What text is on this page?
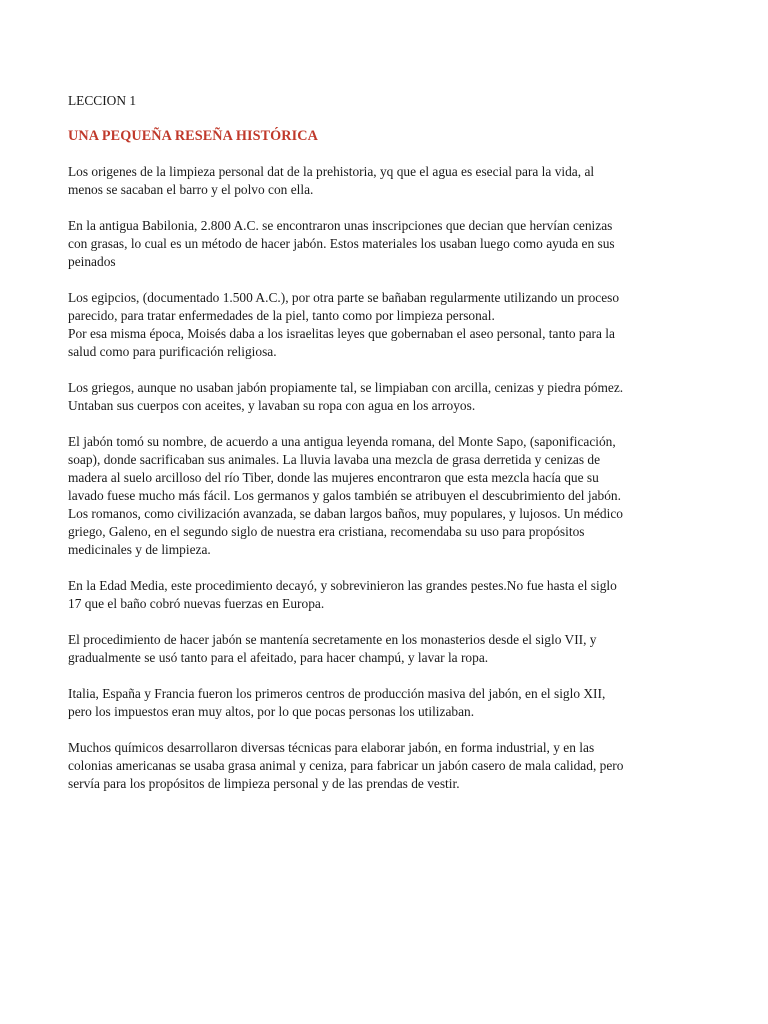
LECCION 1
UNA PEQUEÑA RESEÑA HISTÓRICA
Los origenes de la limpieza personal dat de la prehistoria, yq que el agua es esecial para la vida, al
menos se sacaban el barro y el polvo con ella.
En la antigua Babilonia, 2.800 A.C. se encontraron unas inscripciones que decian que hervían cenizas
con grasas, lo cual es un método de hacer jabón. Estos materiales los usaban luego como ayuda en sus
peinados
Los egipcios, (documentado 1.500 A.C.), por otra parte se bañaban regularmente utilizando un proceso
parecido, para tratar enfermedades de la piel, tanto como por limpieza personal.
Por esa misma época, Moisés daba a los israelitas leyes que gobernaban el aseo personal, tanto para la
salud como para purificación religiosa.
Los griegos, aunque no usaban jabón propiamente tal, se limpiaban con arcilla, cenizas y piedra pómez.
Untaban sus cuerpos con aceites, y lavaban su ropa con agua en los arroyos.
El jabón tomó su nombre, de acuerdo a una antigua leyenda romana, del Monte Sapo, (saponificación,
soap), donde sacrificaban sus animales. La lluvia lavaba una mezcla de grasa derretida y cenizas de
madera al suelo arcilloso del río Tiber, donde las mujeres encontraron que esta mezcla hacía que su
lavado fuese mucho más fácil. Los germanos y galos también se atribuyen el descubrimiento del jabón.
Los romanos, como civilización avanzada, se daban largos baños, muy populares, y lujosos. Un médico
griego, Galeno, en el segundo siglo de nuestra era cristiana, recomendaba su uso para propósitos
medicinales y de limpieza.
En la Edad Media, este procedimiento decayó, y sobrevinieron las grandes pestes.No fue hasta el siglo
17 que el baño cobró nuevas fuerzas en Europa.
El procedimiento de hacer jabón se mantenía secretamente en los monasterios desde el siglo VII, y
gradualmente se usó tanto para el afeitado, para hacer champú, y lavar la ropa.
Italia, España y Francia fueron los primeros centros de producción masiva del jabón, en el siglo XII,
pero los impuestos eran muy altos, por lo que pocas personas los utilizaban.
Muchos químicos desarrollaron diversas técnicas para elaborar jabón, en forma industrial, y en las
colonias americanas se usaba grasa animal y ceniza, para fabricar un jabón casero de mala calidad, pero
servía para los propósitos de limpieza personal y de las prendas de vestir.
